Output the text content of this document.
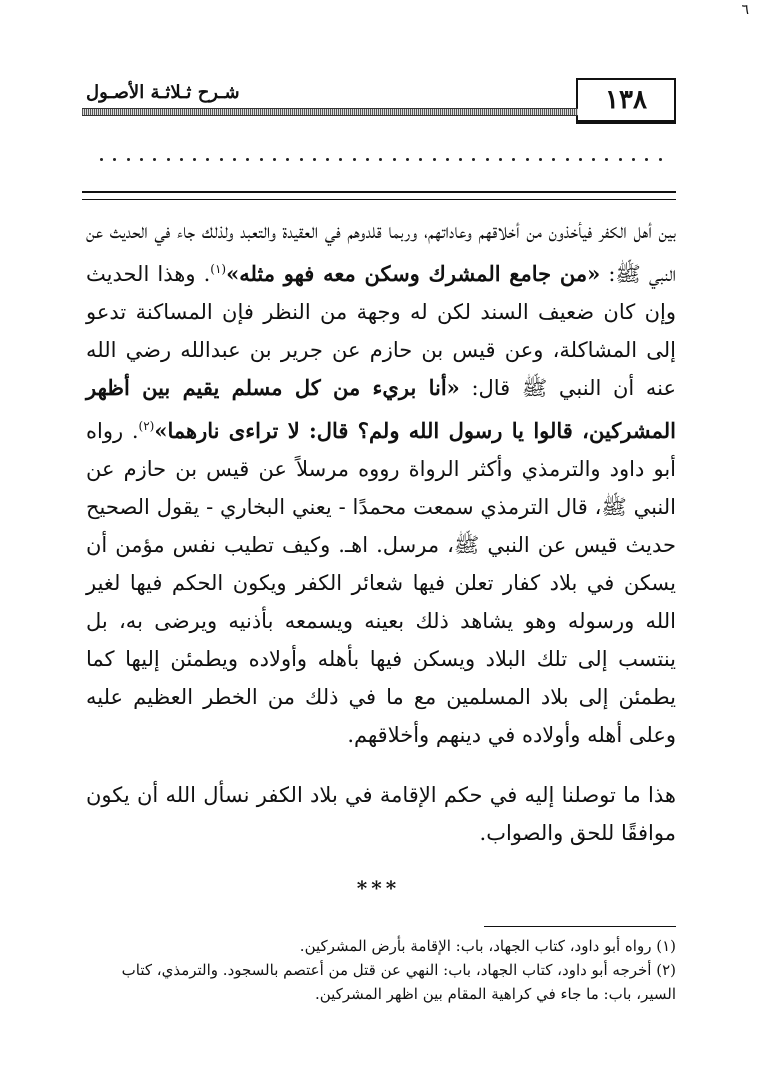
٦
١٣٨
شـرح ثـلاثـة الأصـول

بين أهل الكفر فيأخذون من أخلاقهم وعاداتهم، وربما قلدوهم في العقيدة والتعبد ولذلك جاء في الحديث عن النبي ﷺ: «من جامع المشرك وسكن معه فهو مثله»$^{(١)}$. وهذا الحديث وإن كان ضعيف السند لكن له وجهة من النظر فإن المساكنة تدعو إلى المشاكلة، وعن قيس بن حازم عن جرير بن عبدالله رضي الله عنه أن النبي ﷺ قال: «أنا بريء من كل مسلم يقيم بين أظهر المشركين، قالوا يا رسول الله ولم؟ قال: لا تراءى نارهما»$^{(٢)}$. رواه أبو داود والترمذي وأكثر الرواة رووه مرسلاً عن قيس بن حازم عن النبي ﷺ، قال الترمذي سمعت محمدًا - يعني البخاري - يقول الصحيح حديث قيس عن النبي ﷺ، مرسل. اهـ. وكيف تطيب نفس مؤمن أن يسكن في بلاد كفار تعلن فيها شعائر الكفر ويكون الحكم فيها لغير الله ورسوله وهو يشاهد ذلك بعينه ويسمعه بأذنيه ويرضى به، بل ينتسب إلى تلك البلاد ويسكن فيها بأهله وأولاده ويطمئن إليها كما يطمئن إلى بلاد المسلمين مع ما في ذلك من الخطر العظيم عليه وعلى أهله وأولاده في دينهم وأخلاقهم.

هذا ما توصلنا إليه في حكم الإقامة في بلاد الكفر نسأل الله أن يكون موافقًا للحق والصواب.

***

(١) رواه أبو داود، كتاب الجهاد، باب: الإقامة بأرض المشركين.

(٢) أخرجه أبو داود، كتاب الجهاد، باب: النهي عن قتل من أعتصم بالسجود. والترمذي، كتاب السير، باب: ما جاء في كراهية المقام بين اظهر المشركين.
